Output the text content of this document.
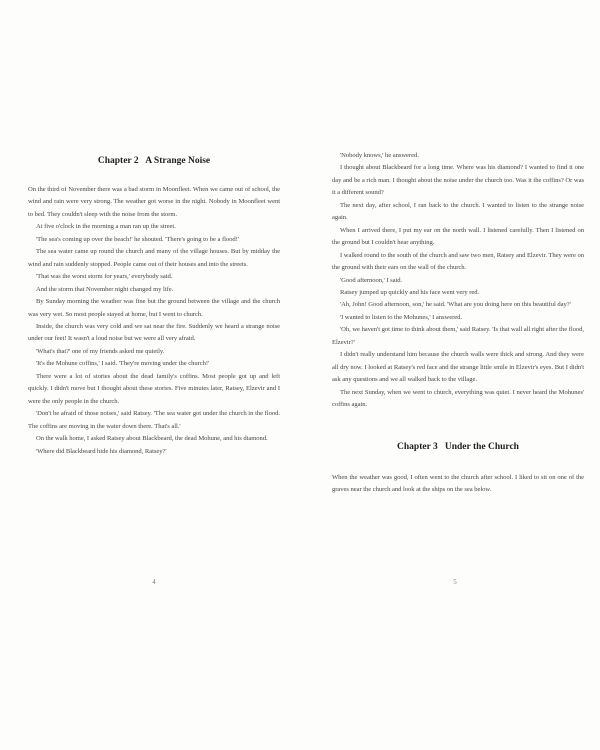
Chapter 2   A Strange Noise

On the third of November there was a bad storm in Moonfleet. When we came out of school, the wind and rain were very strong. The weather got worse in the night. Nobody in Moonfleet went to bed. They couldn't sleep with the noise from the storm.

At five o'clock in the morning a man ran up the street.

'The sea's coming up over the beach!' he shouted. 'There's going to be a flood!'

The sea water came up round the church and many of the village houses. But by midday the wind and rain suddenly stopped. People came out of their houses and into the streets.

'That was the worst storm for years,' everybody said.

And the storm that November night changed my life.

By Sunday morning the weather was fine but the ground between the village and the church was very wet. So most people stayed at home, but I went to church.

Inside, the church was very cold and we sat near the fire. Suddenly we heard a strange noise under our feet! It wasn't a loud noise but we were all very afraid.

'What's that?' one of my friends asked me quietly.

'It's the Mohune coffins,' I said. 'They're moving under the church!'

There were a lot of stories about the dead family's coffins. Most people got up and left quickly. I didn't move but I thought about these stories. Five minutes later, Ratsey, Elzevir and I were the only people in the church.

'Don't be afraid of those noises,' said Ratsey. 'The sea water got under the church in the flood. The coffins are moving in the water down there. That's all.'

On the walk home, I asked Ratsey about Blackbeard, the dead Mohune, and his diamond.

'Where did Blackbeard hide his diamond, Ratsey?'

4

'Nobody knows,' he answered.

I thought about Blackbeard for a long time. Where was his diamond? I wanted to find it one day and be a rich man. I thought about the noise under the church too. Was it the coffins? Or was it a different sound?

The next day, after school, I ran back to the church. I wanted to listen to the strange noise again.

When I arrived there, I put my ear on the north wall. I listened carefully. Then I listened on the ground but I couldn't hear anything.

I walked round to the south of the church and saw two men, Ratsey and Elzevir. They were on the ground with their ears on the wall of the church.

'Good afternoon,' I said.

Ratsey jumped up quickly and his face went very red.

'Ah, John! Good afternoon, son,' he said. 'What are you doing here on this beautiful day?'

'I wanted to listen to the Mohunes,' I answered.

'Oh, we haven't got time to think about them,' said Ratsey. 'Is that wall all right after the flood, Elzevir?'

I didn't really understand him because the church walls were thick and strong. And they were all dry now. I looked at Ratsey's red face and the strange little smile in Elzevir's eyes. But I didn't ask any questions and we all walked back to the village.

The next Sunday, when we went to church, everything was quiet. I never heard the Mohunes' coffins again.

Chapter 3   Under the Church

When the weather was good, I often went to the church after school. I liked to sit on one of the graves near the church and look at the ships on the sea below.

5
